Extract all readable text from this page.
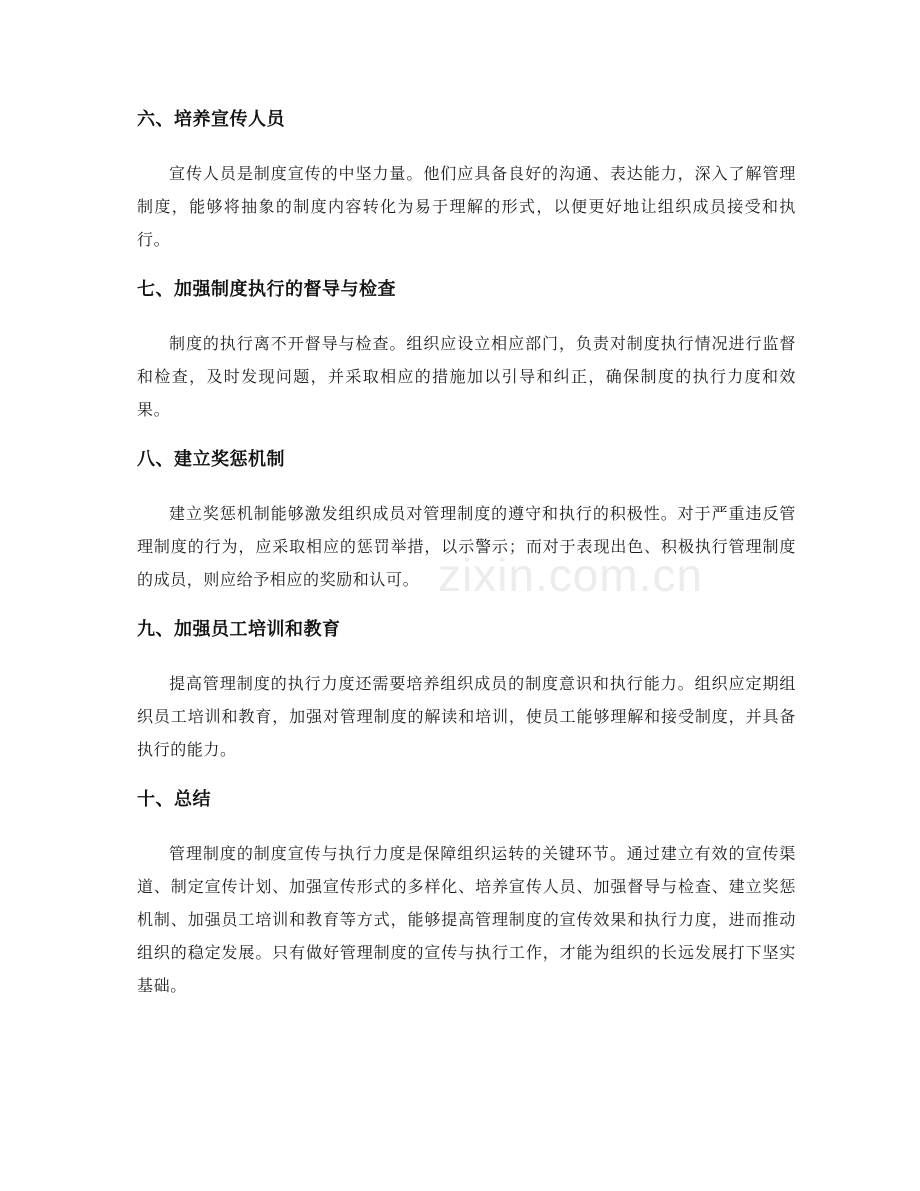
六、培养宣传人员

宣传人员是制度宣传的中坚力量。他们应具备良好的沟通、表达能力，深入了解管理制度，能够将抽象的制度内容转化为易于理解的形式，以便更好地让组织成员接受和执行。

七、加强制度执行的督导与检查

制度的执行离不开督导与检查。组织应设立相应部门，负责对制度执行情况进行监督和检查，及时发现问题，并采取相应的措施加以引导和纠正，确保制度的执行力度和效果。

八、建立奖惩机制

建立奖惩机制能够激发组织成员对管理制度的遵守和执行的积极性。对于严重违反管理制度的行为，应采取相应的惩罚举措，以示警示；而对于表现出色、积极执行管理制度的成员，则应给予相应的奖励和认可。

九、加强员工培训和教育

提高管理制度的执行力度还需要培养组织成员的制度意识和执行能力。组织应定期组织员工培训和教育，加强对管理制度的解读和培训，使员工能够理解和接受制度，并具备执行的能力。

十、总结

管理制度的制度宣传与执行力度是保障组织运转的关键环节。通过建立有效的宣传渠道、制定宣传计划、加强宣传形式的多样化、培养宣传人员、加强督导与检查、建立奖惩机制、加强员工培训和教育等方式，能够提高管理制度的宣传效果和执行力度，进而推动组织的稳定发展。只有做好管理制度的宣传与执行工作，才能为组织的长远发展打下坚实基础。

zixin.com.cn
